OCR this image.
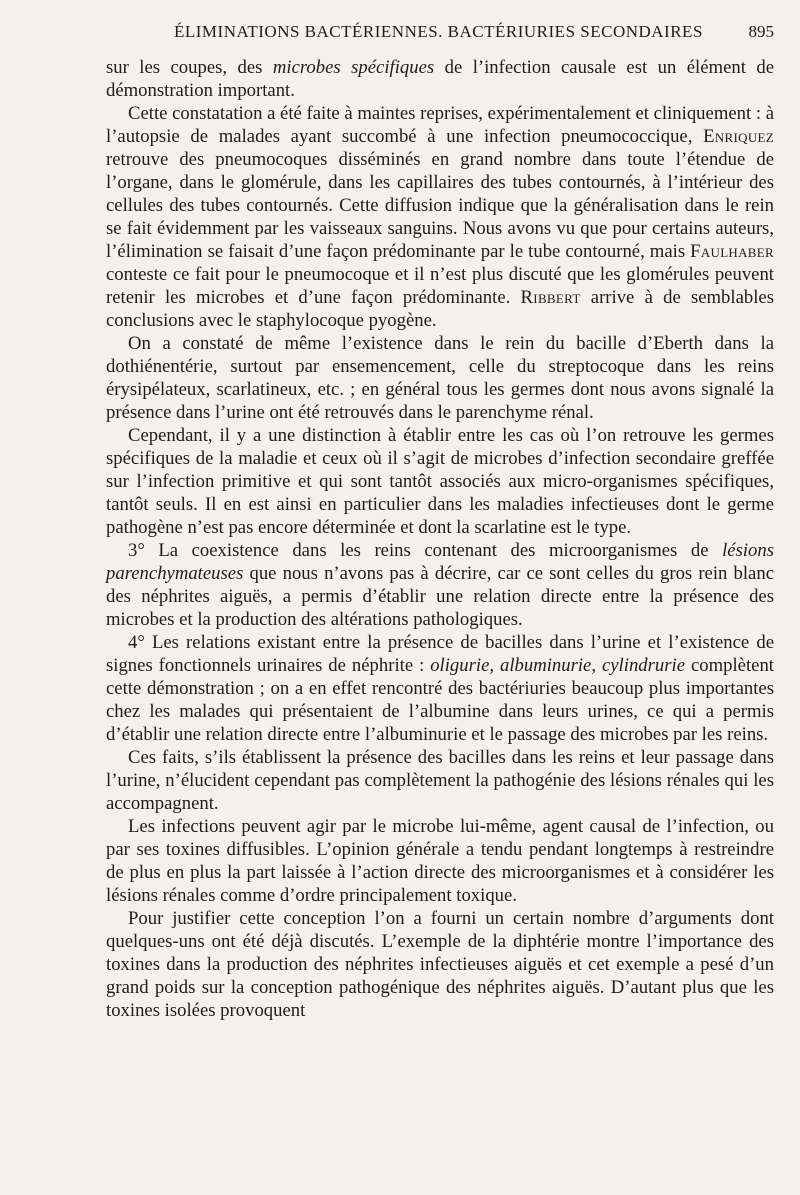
ÉLIMINATIONS BACTÉRIENNES. BACTÉRIURIES SECONDAIRES	895

sur les coupes, des microbes spécifiques de l’infection causale est un élément de démonstration important.

Cette constatation a été faite à maintes reprises, expérimentalement et cliniquement : à l’autopsie de malades ayant succombé à une infection pneumococcique, Enriquez retrouve des pneumocoques disséminés en grand nombre dans toute l’étendue de l’organe, dans le glomérule, dans les capillaires des tubes contournés, à l’intérieur des cellules des tubes contournés. Cette diffusion indique que la généralisation dans le rein se fait évidemment par les vaisseaux sanguins. Nous avons vu que pour certains auteurs, l’élimination se faisait d’une façon prédominante par le tube contourné, mais Faulhaber conteste ce fait pour le pneumocoque et il n’est plus discuté que les glomérules peuvent retenir les microbes et d’une façon prédominante. Ribbert arrive à de semblables conclusions avec le staphylocoque pyogène.

On a constaté de même l’existence dans le rein du bacille d’Eberth dans la dothiénentérie, surtout par ensemencement, celle du streptocoque dans les reins érysipélateux, scarlatineux, etc. ; en général tous les germes dont nous avons signalé la présence dans l’urine ont été retrouvés dans le parenchyme rénal.

Cependant, il y a une distinction à établir entre les cas où l’on retrouve les germes spécifiques de la maladie et ceux où il s’agit de microbes d’infection secondaire greffée sur l’infection primitive et qui sont tantôt associés aux micro-organismes spécifiques, tantôt seuls. Il en est ainsi en particulier dans les maladies infectieuses dont le germe pathogène n’est pas encore déterminée et dont la scarlatine est le type.

3° La coexistence dans les reins contenant des microorganismes de lésions parenchymateuses que nous n’avons pas à décrire, car ce sont celles du gros rein blanc des néphrites aiguës, a permis d’établir une relation directe entre la présence des microbes et la production des altérations pathologiques.

4° Les relations existant entre la présence de bacilles dans l’urine et l’existence de signes fonctionnels urinaires de néphrite : oligurie, albuminurie, cylindrurie complètent cette démonstration ; on a en effet rencontré des bactériuries beaucoup plus importantes chez les malades qui présentaient de l’albumine dans leurs urines, ce qui a permis d’établir une relation directe entre l’albuminurie et le passage des microbes par les reins.

Ces faits, s’ils établissent la présence des bacilles dans les reins et leur passage dans l’urine, n’élucident cependant pas complètement la pathogénie des lésions rénales qui les accompagnent.

Les infections peuvent agir par le microbe lui-même, agent causal de l’infection, ou par ses toxines diffusibles. L’opinion générale a tendu pendant longtemps à restreindre de plus en plus la part laissée à l’action directe des microorganismes et à considérer les lésions rénales comme d’ordre principalement toxique.

Pour justifier cette conception l’on a fourni un certain nombre d’arguments dont quelques-uns ont été déjà discutés. L’exemple de la diphtérie montre l’importance des toxines dans la production des néphrites infectieuses aiguës et cet exemple a pesé d’un grand poids sur la conception pathogénique des néphrites aiguës. D’autant plus que les toxines isolées provoquent
